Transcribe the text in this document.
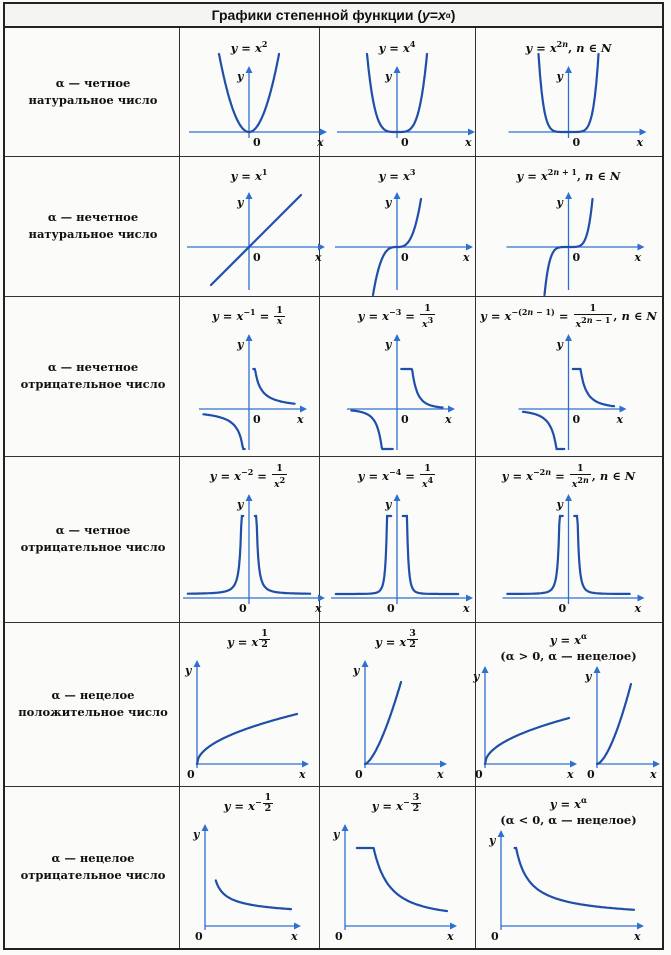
Графики степенной функции ( y = x α )
α — четное
натуральное число
$y = x^2$
x
y
0
$y = x^4$
x
y
0
$y = x^{2n}$, n ∈ N
x
y
0
α — нечетное
натуральное число
$y = x^1$
x
y
0
$y = x^3$
x
y
0
$y = x^{2n + 1}$, n ∈ N
x
y
0
α — нечетное
отрицательное число
$y = x^{-1} = \frac{1}{x}$
x
y
0
$y = x^{-3} = \frac{1}{x^3}$
x
y
0
$y = x^{-(2n - 1)} = \frac{1}{x^{2n - 1}}$ , n ∈ N
x
y
0
α — четное
отрицательное число
$y = x^{-2} = \frac{1}{x^2}$
x
y
0
$y = x^{-4} = \frac{1}{x^4}$
x
y
0
$y = x^{-2n} = \frac{1}{x^{2n}}$ , n ∈ N
x
y
0
α — нецелое
положительное число
y = x $^{\frac{1}{2}}$
x
y
0
y = x $^{\frac{3}{2}}$
x
y
0
$y = x^\alpha$
(α > 0, α — нецелое)
x
y
0	x
y
0
α — нецелое
отрицательное число
$y = x^{- \frac{1}{2}}$
x
y
0
$y = x^{- \frac{3}{2}}$
x
y
0
$y = x^\alpha$
(α < 0, α — нецелое)
x
y
0
